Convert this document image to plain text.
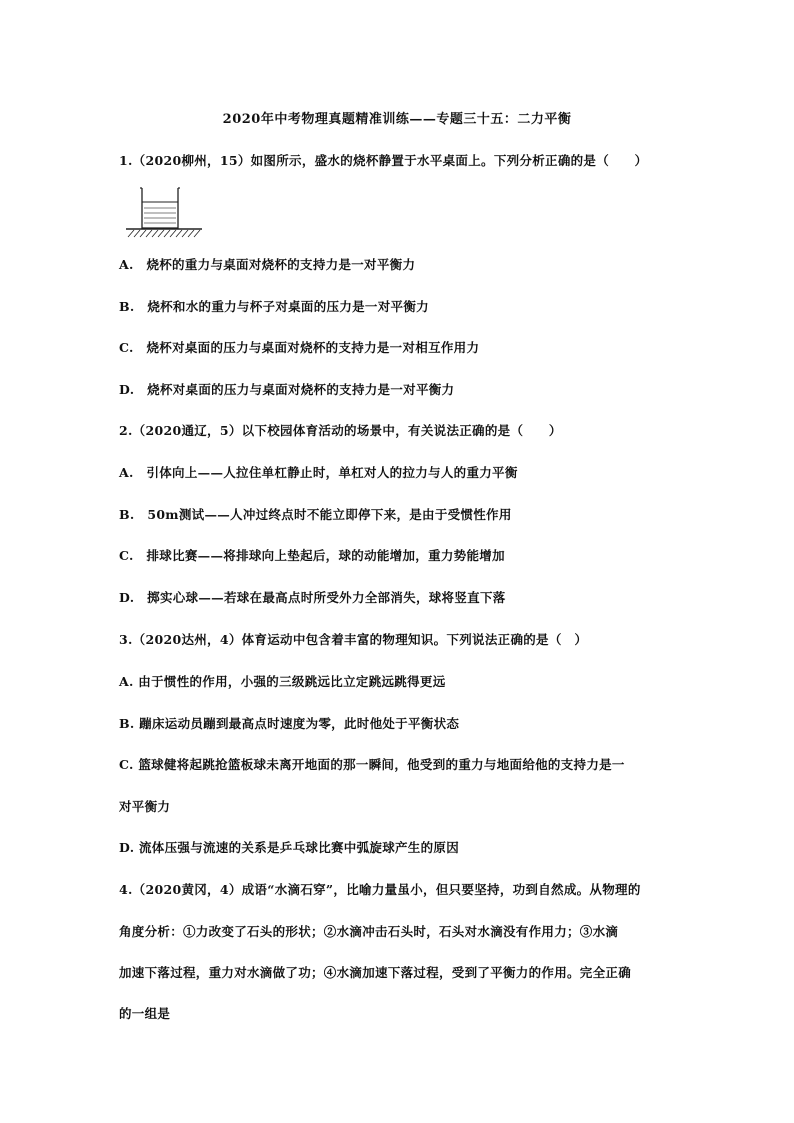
2020年中考物理真题精准训练——专题三十五：二力平衡
1.（2020柳州，15）如图所示，盛水的烧杯静置于水平桌面上。下列分析正确的是（　　）
A.　烧杯的重力与桌面对烧杯的支持力是一对平衡力
B.　烧杯和水的重力与杯子对桌面的压力是一对平衡力
C.　烧杯对桌面的压力与桌面对烧杯的支持力是一对相互作用力
D.　烧杯对桌面的压力与桌面对烧杯的支持力是一对平衡力
2.（2020通辽，5）以下校园体育活动的场景中，有关说法正确的是（　　）
A.　引体向上——人拉住单杠静止时，单杠对人的拉力与人的重力平衡
B.　50m测试——人冲过终点时不能立即停下来，是由于受惯性作用
C.　排球比赛——将排球向上垫起后，球的动能增加，重力势能增加
D.　掷实心球——若球在最高点时所受外力全部消失，球将竖直下落
3.（2020达州，4）体育运动中包含着丰富的物理知识。下列说法正确的是（　）
A. 由于惯性的作用，小强的三级跳远比立定跳远跳得更远
B. 蹦床运动员蹦到最高点时速度为零，此时他处于平衡状态
C. 篮球健将起跳抢篮板球未离开地面的那一瞬间，他受到的重力与地面给他的支持力是一
对平衡力
D. 流体压强与流速的关系是乒乓球比赛中弧旋球产生的原因
4.（2020黄冈，4）成语“水滴石穿”，比喻力量虽小，但只要坚持，功到自然成。从物理的
角度分析：①力改变了石头的形状；②水滴冲击石头时，石头对水滴没有作用力；③水滴
加速下落过程，重力对水滴做了功；④水滴加速下落过程，受到了平衡力的作用。完全正确
的一组是
